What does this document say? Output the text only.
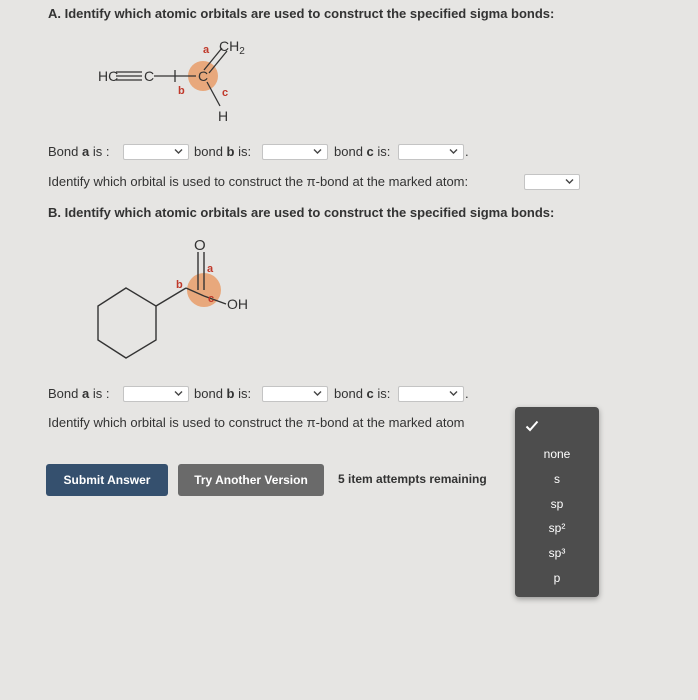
A. Identify which atomic orbitals are used to construct the specified sigma bonds:
HC C	C
$CH_2$
H
a
b	c
Bond a is :	bond b is:	bond c is:	.
Identify which orbital is used to construct the π-bond at the marked atom:
B. Identify which atomic orbitals are used to construct the specified sigma bonds:
O
OH
a
b
c
Bond a is :	bond b is:	bond c is:	.
Identify which orbital is used to construct the π-bond at the marked atom
Submit Answer	Try Another Version	5 item attempts remaining
none
s
sp
sp²
sp³
p
